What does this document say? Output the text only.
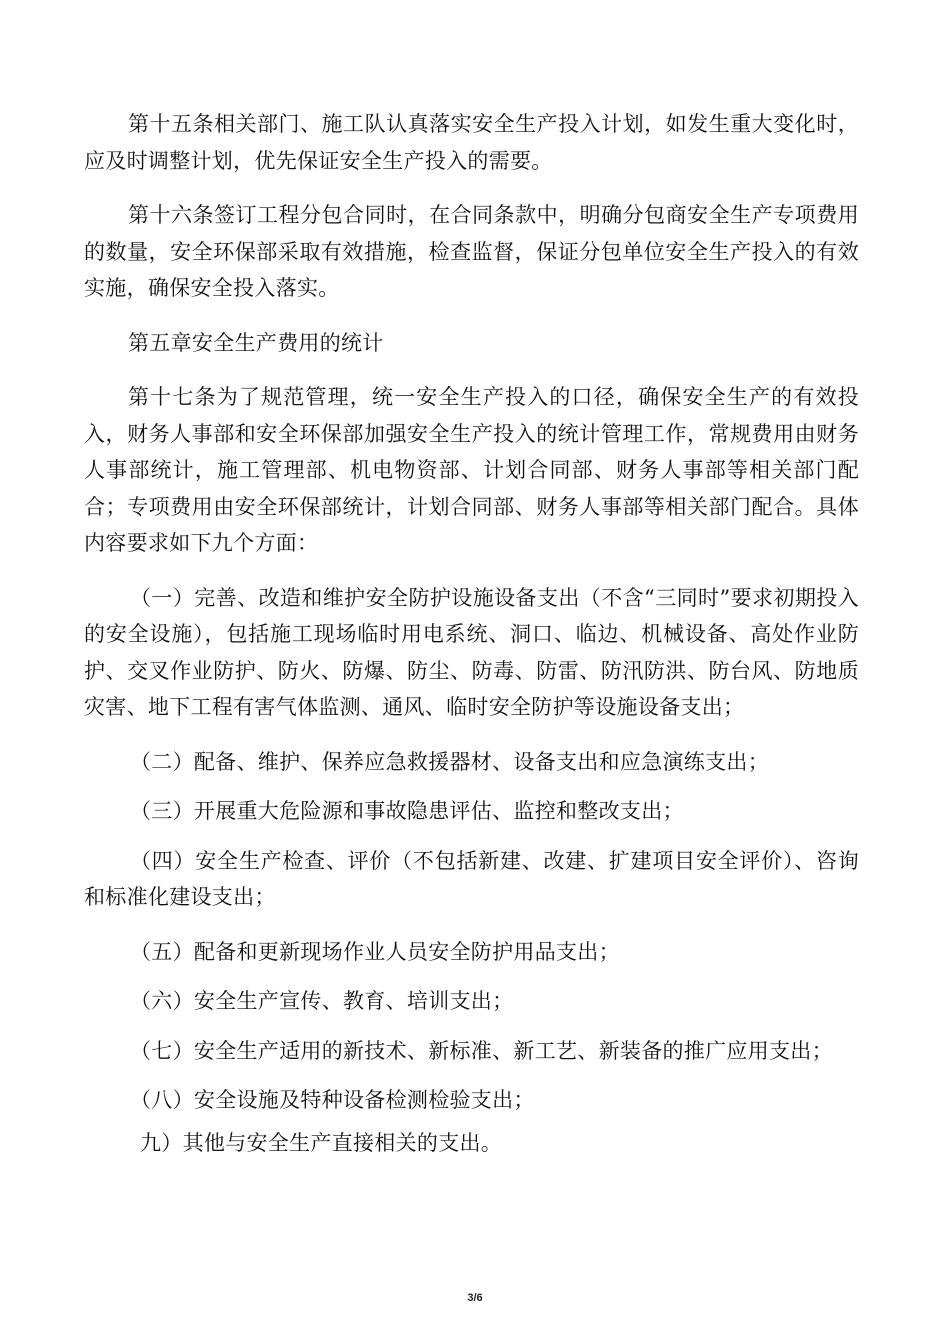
第十五条相关部门、施工队认真落实安全生产投入计划，如发生重大变化时，应及时调整计划，优先保证安全生产投入的需要。

第十六条签订工程分包合同时，在合同条款中，明确分包商安全生产专项费用的数量，安全环保部采取有效措施，检查监督，保证分包单位安全生产投入的有效实施，确保安全投入落实。

第五章安全生产费用的统计

第十七条为了规范管理，统一安全生产投入的口径，确保安全生产的有效投入，财务人事部和安全环保部加强安全生产投入的统计管理工作，常规费用由财务人事部统计，施工管理部、机电物资部、计划合同部、财务人事部等相关部门配合；专项费用由安全环保部统计，计划合同部、财务人事部等相关部门配合。具体内容要求如下九个方面：

（一）完善、改造和维护安全防护设施设备支出（不含“三同时”要求初期投入的安全设施），包括施工现场临时用电系统、洞口、临边、机械设备、高处作业防护、交叉作业防护、防火、防爆、防尘、防毒、防雷、防汛防洪、防台风、防地质灾害、地下工程有害气体监测、通风、临时安全防护等设施设备支出；

（二）配备、维护、保养应急救援器材、设备支出和应急演练支出；

（三）开展重大危险源和事故隐患评估、监控和整改支出；

（四）安全生产检查、评价（不包括新建、改建、扩建项目安全评价）、咨询和标准化建设支出；

（五）配备和更新现场作业人员安全防护用品支出；

（六）安全生产宣传、教育、培训支出；

（七）安全生产适用的新技术、新标准、新工艺、新装备的推广应用支出；

（八）安全设施及特种设备检测检验支出；

九）其他与安全生产直接相关的支出。

3/6
